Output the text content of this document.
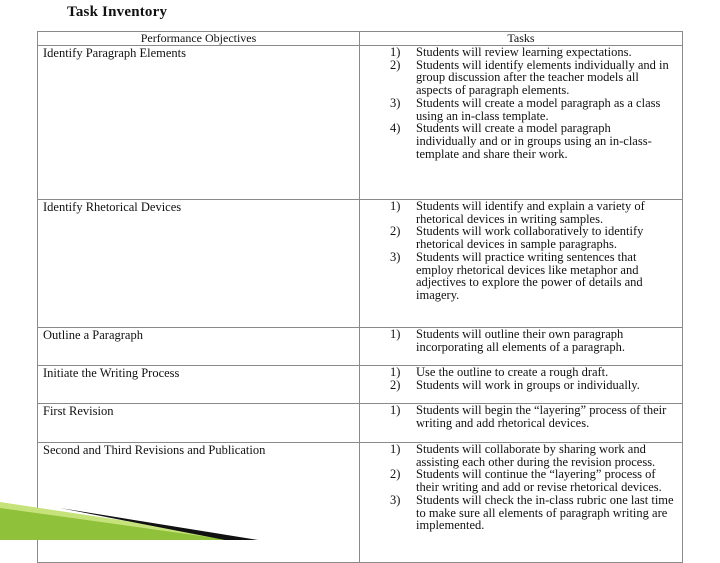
Task Inventory
Performance Objectives	Tasks
Identify Paragraph Elements	1)	Students will review learning expectations.
2)	Students will identify elements individually and in group discussion after the teacher models all aspects of paragraph elements.
3)	Students will create a model paragraph as a class using an in-class template.
4)	Students will create a model paragraph individually and or in groups using an in-class-template and share their work.
Identify Rhetorical Devices	1)	Students will identify and explain a variety of rhetorical devices in writing samples.
2)	Students will work collaboratively to identify rhetorical devices in sample paragraphs.
3)	Students will practice writing sentences that employ rhetorical devices like metaphor and adjectives to explore the power of details and imagery.
Outline a Paragraph	1)	Students will outline their own paragraph incorporating all elements of a paragraph.
Initiate the Writing Process	1)	Use the outline to create a rough draft.
2)	Students will work in groups or individually.
First Revision	1)	Students will begin the “layering” process of their writing and add rhetorical devices.
Second and Third Revisions and Publication	1)	Students will collaborate by sharing work and assisting each other during the revision process.
2)	Students will continue the “layering” process of their writing and add or revise rhetorical devices.
3)	Students will check the in-class rubric one last time to make sure all elements of paragraph writing are implemented.
